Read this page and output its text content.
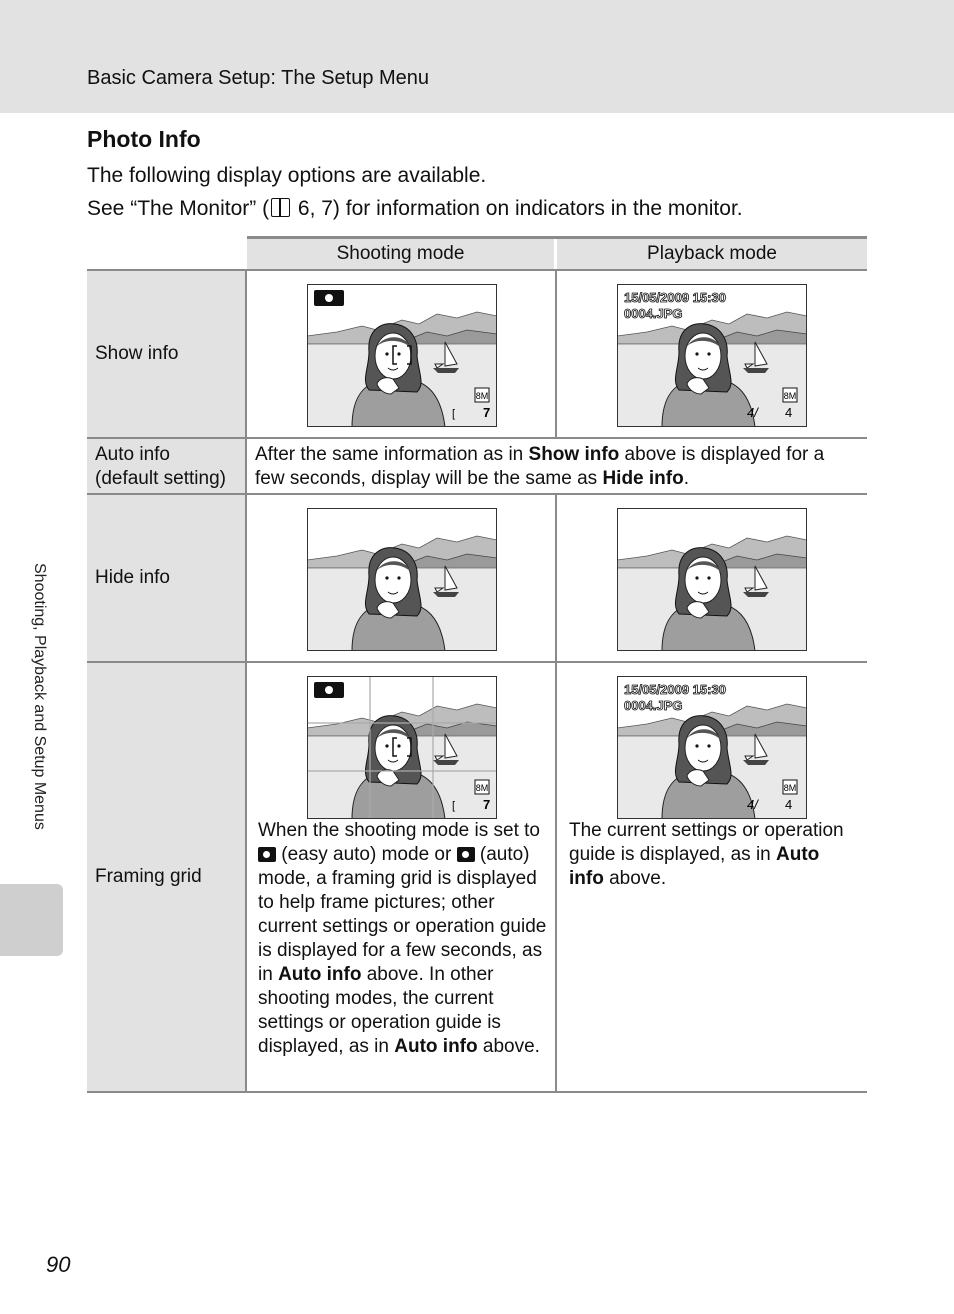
Basic Camera Setup: The Setup Menu
Photo Info
The following display options are available.
See “The Monitor” ( 6, 7) for information on indicators in the monitor.
Shooting mode	Playback mode
Show info
8M
[ 7
15/05/2009 15:30
0004.JPG
8M
4/ 4
Auto info
(default setting)
After the same information as in Show info above is displayed for a few seconds, display will be the same as Hide info.
Hide info
Framing grid
8M
[ 7
When the shooting mode is set to  (easy auto) mode or  (auto) mode, a framing grid is displayed to help frame pictures; other current settings or operation guide is displayed for a few seconds, as in Auto info above. In other shooting modes, the current settings or operation guide is displayed, as in Auto info above.
15/05/2009 15:30
0004.JPG
8M
4/ 4
The current settings or operation guide is displayed, as in Auto info above.
Shooting, Playback and Setup Menus
90
